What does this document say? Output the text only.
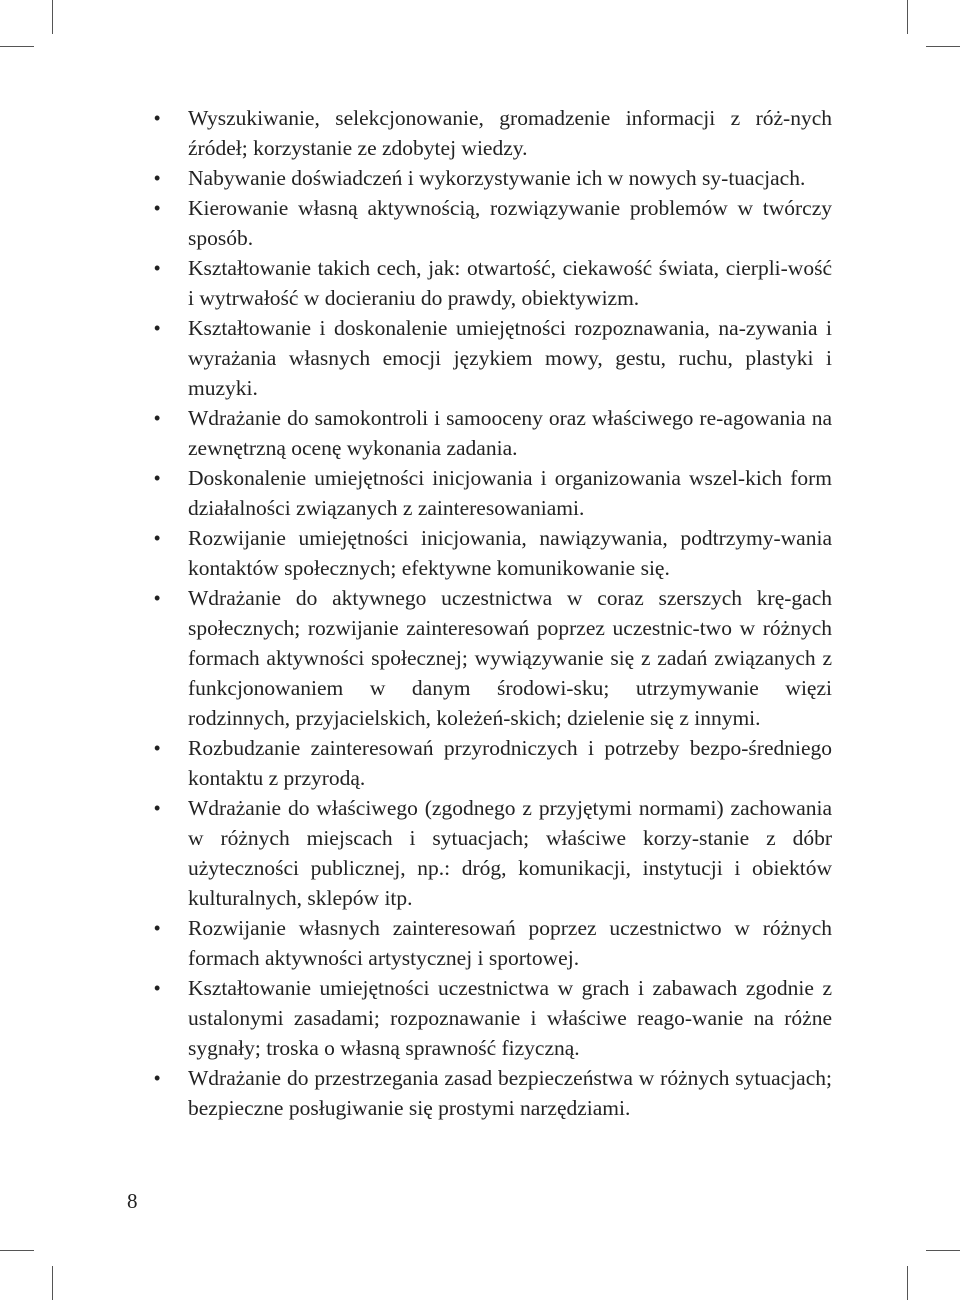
• Wyszukiwanie, selekcjonowanie, gromadzenie informacji z róż-nych źródeł; korzystanie ze zdobytej wiedzy.
• Nabywanie doświadczeń i wykorzystywanie ich w nowych sy-tuacjach.
• Kierowanie własną aktywnością, rozwiązywanie problemów w twórczy sposób.
• Kształtowanie takich cech, jak: otwartość, ciekawość świata, cierpli-wość i wytrwałość w docieraniu do prawdy, obiektywizm.
• Kształtowanie i doskonalenie umiejętności rozpoznawania, na-zywania i wyrażania własnych emocji językiem mowy, gestu, ruchu, plastyki i muzyki.
• Wdrażanie do samokontroli i samooceny oraz właściwego re-agowania na zewnętrzną ocenę wykonania zadania.
• Doskonalenie umiejętności inicjowania i organizowania wszel-kich form działalności związanych z zainteresowaniami.
• Rozwijanie umiejętności inicjowania, nawiązywania, podtrzymy-wania kontaktów społecznych; efektywne komunikowanie się.
• Wdrażanie do aktywnego uczestnictwa w coraz szerszych krę-gach społecznych; rozwijanie zainteresowań poprzez uczestnic-two w różnych formach aktywności społecznej; wywiązywanie się z zadań związanych z funkcjonowaniem w danym środowi-sku; utrzymywanie więzi rodzinnych, przyjacielskich, koleżeń-skich; dzielenie się z innymi.
• Rozbudzanie zainteresowań przyrodniczych i potrzeby bezpo-średniego kontaktu z przyrodą.
• Wdrażanie do właściwego (zgodnego z przyjętymi normami) zachowania w różnych miejscach i sytuacjach; właściwe korzy-stanie z dóbr użyteczności publicznej, np.: dróg, komunikacji, instytucji i obiektów kulturalnych, sklepów itp.
• Rozwijanie własnych zainteresowań poprzez uczestnictwo w różnych formach aktywności artystycznej i sportowej.
• Kształtowanie umiejętności uczestnictwa w grach i zabawach zgodnie z ustalonymi zasadami; rozpoznawanie i właściwe reago-wanie na różne sygnały; troska o własną sprawność fizyczną.
• Wdrażanie do przestrzegania zasad bezpieczeństwa w różnych sytuacjach; bezpieczne posługiwanie się prostymi narzędziami.
8
